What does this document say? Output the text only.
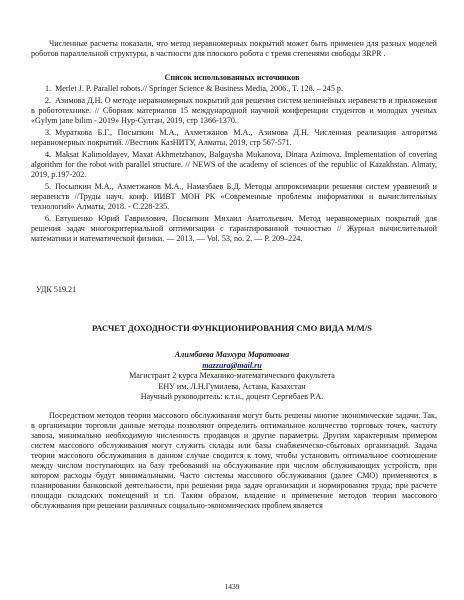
Численные расчеты показали, что метод неравномерных покрытий может быть применен для разных моделей роботов параллельной структуры, в частности для плоского робота с тремя степенями свободы 3RPR .

Список использованных источников

1. Merlet J. P. Parallel robots.// Springer Science & Business Media, 2006., T. 128. – 245 p.
2. Азимова Д.Н. О методе неравномерных покрытий для решения систем нелинейных неравенств и приложения в робототехнике. // Сборник материалов 15 международной научной конференции студентов и молодых ученых «Gylym jane bilim - 2019» Нур-Султан, 2019, стр 1366-1370.
3. Мураткова Б.Г., Посыпкин М.А., Ахметжанов М.А., Азимова Д.Н. Численная реализация алгоритма неравномерных покрытий. //Вестник КазНИТУ, Алматы, 2019, стр 567-571.
4. Maksat Kalimoldayev, Maxat Akhmetzhanov, Balgaysha Mukanova, Dinara Azimova. Implementation of covering algorithm for the robot with parallel structure. // NEWS of the academy of sciences of the republic of Kazakhstan. Almaty, 2019, p.197-202.
5. Посыпкин М.А., Ахметжанов М.А., Намазбаев Б.Д. Методы аппроксимации решения систем уравнений и неравенств //Труды науч. конф. ИИВТ МОН РК «Современные проблемы информатики и вычислительных технологий» Алматы, 2018. - С.228-235.
6. Евтушенко Юрий Гаврилович, Посыпкин Михаил Анатольевич. Метод неравномерных покрытий для решения задач многокритериальной оптимизации с гарантированной точностью // Журнал вычислительной математики и математической физики. — 2013. — Vol. 53, no. 2. — P. 209–224.

УДК 519.21

РАСЧЕТ ДОХОДНОСТИ ФУНКЦИОНИРОВАНИЯ СМО ВИДА M/M/S

Алимбаева Мазхура Маратовна
mazzura@mail.ru
Магистрант 2 курса Механико-математического факультета
ЕНУ им. Л.Н.Гумилева, Астана, Казахстан
Научный руководитель: к.т.н., доцент Сергибаев Р.А.

Посредством методов теории массового обслуживания могут быть решены многие экономические задачи. Так, в организации торговли данные методы позволяют определить оптимальное количество торговых точек, частоту завоза, минимально необходимую численность продавцов и другие параметры. Другим характерным примером систем массового обслуживания могут служить склады или базы снабженческо-сбытовых организаций. Задача теории массового обслуживания в данном случае сводится к тому, чтобы установить оптимальное соотношение между числом поступающих на базу требований на обслуживание при числом обслуживающих устройств, при котором расходы будут минимальными. Часто системы массового обслуживания (далее СМО) применяются в планировании банковской деятельности, при решении ряда задач организации и нормирования труда; при расчете площади складских помещений и т.п. Таким образом, владение и применение методов теории массового обслуживания при решении различных социально-экономических проблем является

1439
